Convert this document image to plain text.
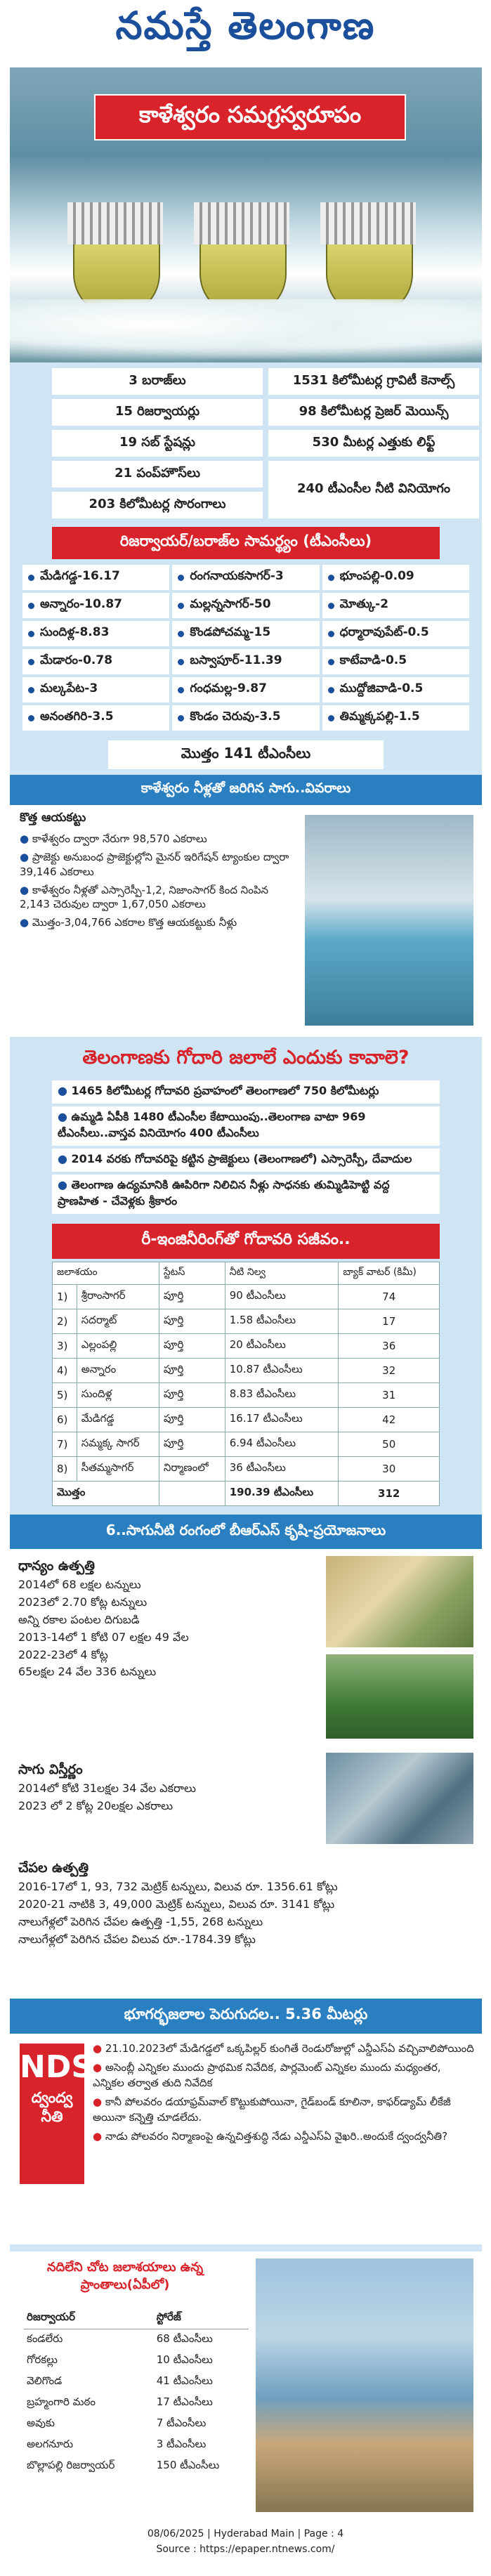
నమస్తే తెలంగాణ
కాళేశ్వరం సమగ్రస్వరూపం
3 బరాజ్‌లు	1531 కిలోమీటర్ల గ్రావిటీ కెనాల్స్
15 రిజర్వాయర్లు	98 కిలోమీటర్ల ప్రెజర్ మెయిన్స్
19 సబ్ స్టేషన్లు	530 మీటర్ల ఎత్తుకు లిఫ్ట్
21 పంప్‌హౌస్‌లు
240 టీఎంసీల నీటి వినియోగం
203 కిలోమీటర్ల సొరంగాలు
రిజర్వాయర్/బరాజ్‌ల సామర్థ్యం (టీఎంసీలు)
మేడిగడ్డ-16.17	రంగనాయకసాగర్-3	భూంపల్లి-0.09
అన్నారం-10.87	మల్లన్నసాగర్-50	మోత్కు-2
సుందిళ్ల-8.83	కొండపోచమ్మ-15	ధర్మారావుపేట్-0.5
మేడారం-0.78	బస్వాపూర్-11.39	కాటేవాడి-0.5
మల్కపేట-3	గంధమల్ల-9.87	ముద్దోజివాడి-0.5
అనంతగిరి-3.5	కొండం చెరువు-3.5	తిమ్మక్కపల్లి-1.5
మొత్తం 141 టీఎంసీలు
కాళేశ్వరం నీళ్లతో జరిగిన సాగు..వివరాలు
కొత్త ఆయకట్టు
● కాళేశ్వరం ద్వారా నేరుగా 98,570 ఎకరాలు
● ప్రాజెక్టు అనుబంధ ప్రాజెక్టుల్లోని మైనర్ ఇరిగేషన్ ట్యాంకుల ద్వారా 39,146 ఎకరాలు
● కాళేశ్వరం నీళ్లతో ఎస్సారెస్పీ-1,2, నిజాంసాగర్ కింద నింపిన 2,143 చెరువుల ద్వారా 1,67,050 ఎకరాలు
● మొత్తం-3,04,766 ఎకరాల కొత్త ఆయకట్టుకు నీళ్లు
తెలంగాణకు గోదారి జలాలే ఎందుకు కావాలె?
● 1465 కిలోమీటర్ల గోదావరి ప్రవాహంలో తెలంగాణలో 750 కిలోమీటర్లు
● ఉమ్మడి ఏపీకి 1480 టీఎంసీల కేటాయింపు..తెలంగాణ వాటా 969 టీఎంసీలు..వాస్తవ వినియోగం 400 టీఎంసీలు
● 2014 వరకు గోదావరిపై కట్టిన ప్రాజెక్టులు (తెలంగాణలో) ఎస్సారెస్పీ, దేవాదుల
● తెలంగాణ ఉద్యమానికి ఊపిరిగా నిలిచిన నీళ్లు సాధనకు తుమ్మిడిహెట్టి వద్ద ప్రాణహిత - చేవెళ్లకు శ్రీకారం
రీ-ఇంజినీరింగ్‌తో గోదావరి సజీవం..
జలాశయం		స్టేటస్	నీటి నిల్వ	బ్యాక్ వాటర్ (కిమీ)
1)	శ్రీరాంసాగర్	పూర్తి	90 టీఎంసీలు	74
2)	సదర్మాట్	పూర్తి	1.58 టీఎంసీలు	17
3)	ఎల్లంపల్లి	పూర్తి	20 టీఎంసీలు	36
4)	అన్నారం	పూర్తి	10.87 టీఎంసీలు	32
5)	సుందిళ్ల	పూర్తి	8.83 టీఎంసీలు	31
6)	మేడిగడ్డ	పూర్తి	16.17 టీఎంసీలు	42
7)	సమ్మక్క సాగర్	పూర్తి	6.94 టీఎంసీలు	50
8)	సీతమ్మసాగర్	నిర్మాణంలో	36 టీఎంసీలు	30
మొత్తం			190.39 టీఎంసీలు	312
6..సాగునీటి రంగంలో బీఆర్ఎస్ కృషి-ప్రయోజనాలు
ధాన్యం ఉత్పత్తి
2014లో 68 లక్షల టన్నులు
2023లో 2.70 కోట్ల టన్నులు
అన్ని రకాల పంటల దిగుబడి
2013-14లో 1 కోటి 07 లక్షల 49 వేల
2022-23లో 4 కోట్ల
65లక్షల 24 వేల 336 టన్నులు
సాగు విస్తీర్ణం
2014లో కోటి 31లక్షల 34 వేల ఎకరాలు
2023 లో 2 కోట్ల 20లక్షల ఎకరాలు
చేపల ఉత్పత్తి
2016-17లో 1, 93, 732 మెట్రిక్ టన్నులు, విలువ రూ. 1356.61 కోట్లు
2020-21 నాటికి 3, 49,000 మెట్రిక్ టన్నులు, విలువ రూ. 3141 కోట్లు
నాలుగేళ్లలో పెరిగిన చేపల ఉత్పత్తి -1,55, 268 టన్నులు
నాలుగేళ్లలో పెరిగిన చేపల విలువ రూ.-1784.39 కోట్లు
భూగర్భజలాల పెరుగుదల.. 5.36 మీటర్లు
NDSA
ద్వంద్వ నీతి
● 21.10.2023లో మేడిగడ్డలో ఒక్కపిల్లర్ కుంగితే రెండురోజుల్లో ఎన్డీఎస్ఏ వచ్చివాలిపోయింది
● అసెంబ్లీ ఎన్నికల ముందు ప్రాథమిక నివేదిక, పార్లమెంట్ ఎన్నికల ముందు మధ్యంతర, ఎన్నికల తర్వాత తుది నివేదిక
● కానీ పోలవరం డయాఫ్రమ్‌వాల్ కొట్టుకుపోయినా, గైడ్‌బండ్ కూలినా, కాఫర్‌డ్యామ్ లీకేజీ అయినా కన్నెత్తి చూడలేదు.
● నాడు పోలవరం నిర్మాణంపై ఉన్నచిత్తశుద్ధి నేడు ఎన్డీఎస్ఏ వైఖరి..అందుకే ద్వంద్వనీతి?
నదిలేని చోట జలాశయాలు ఉన్న ప్రాంతాలు(ఏపీలో)
రిజర్వాయర్	స్టోరేజ్
కండలేరు	68 టీఎంసీలు
గోరకల్లు	10 టీఎంసీలు
వెలిగొండ	41 టీఎంసీలు
బ్రహ్మంగారి మఠం	17 టీఎంసీలు
అవుకు	7 టీఎంసీలు
అలగనూరు	3 టీఎంసీలు
బొల్లాపల్లి రిజర్వాయర్	150 టీఎంసీలు
08/06/2025 | Hyderabad Main | Page : 4
Source : https://epaper.ntnews.com/
